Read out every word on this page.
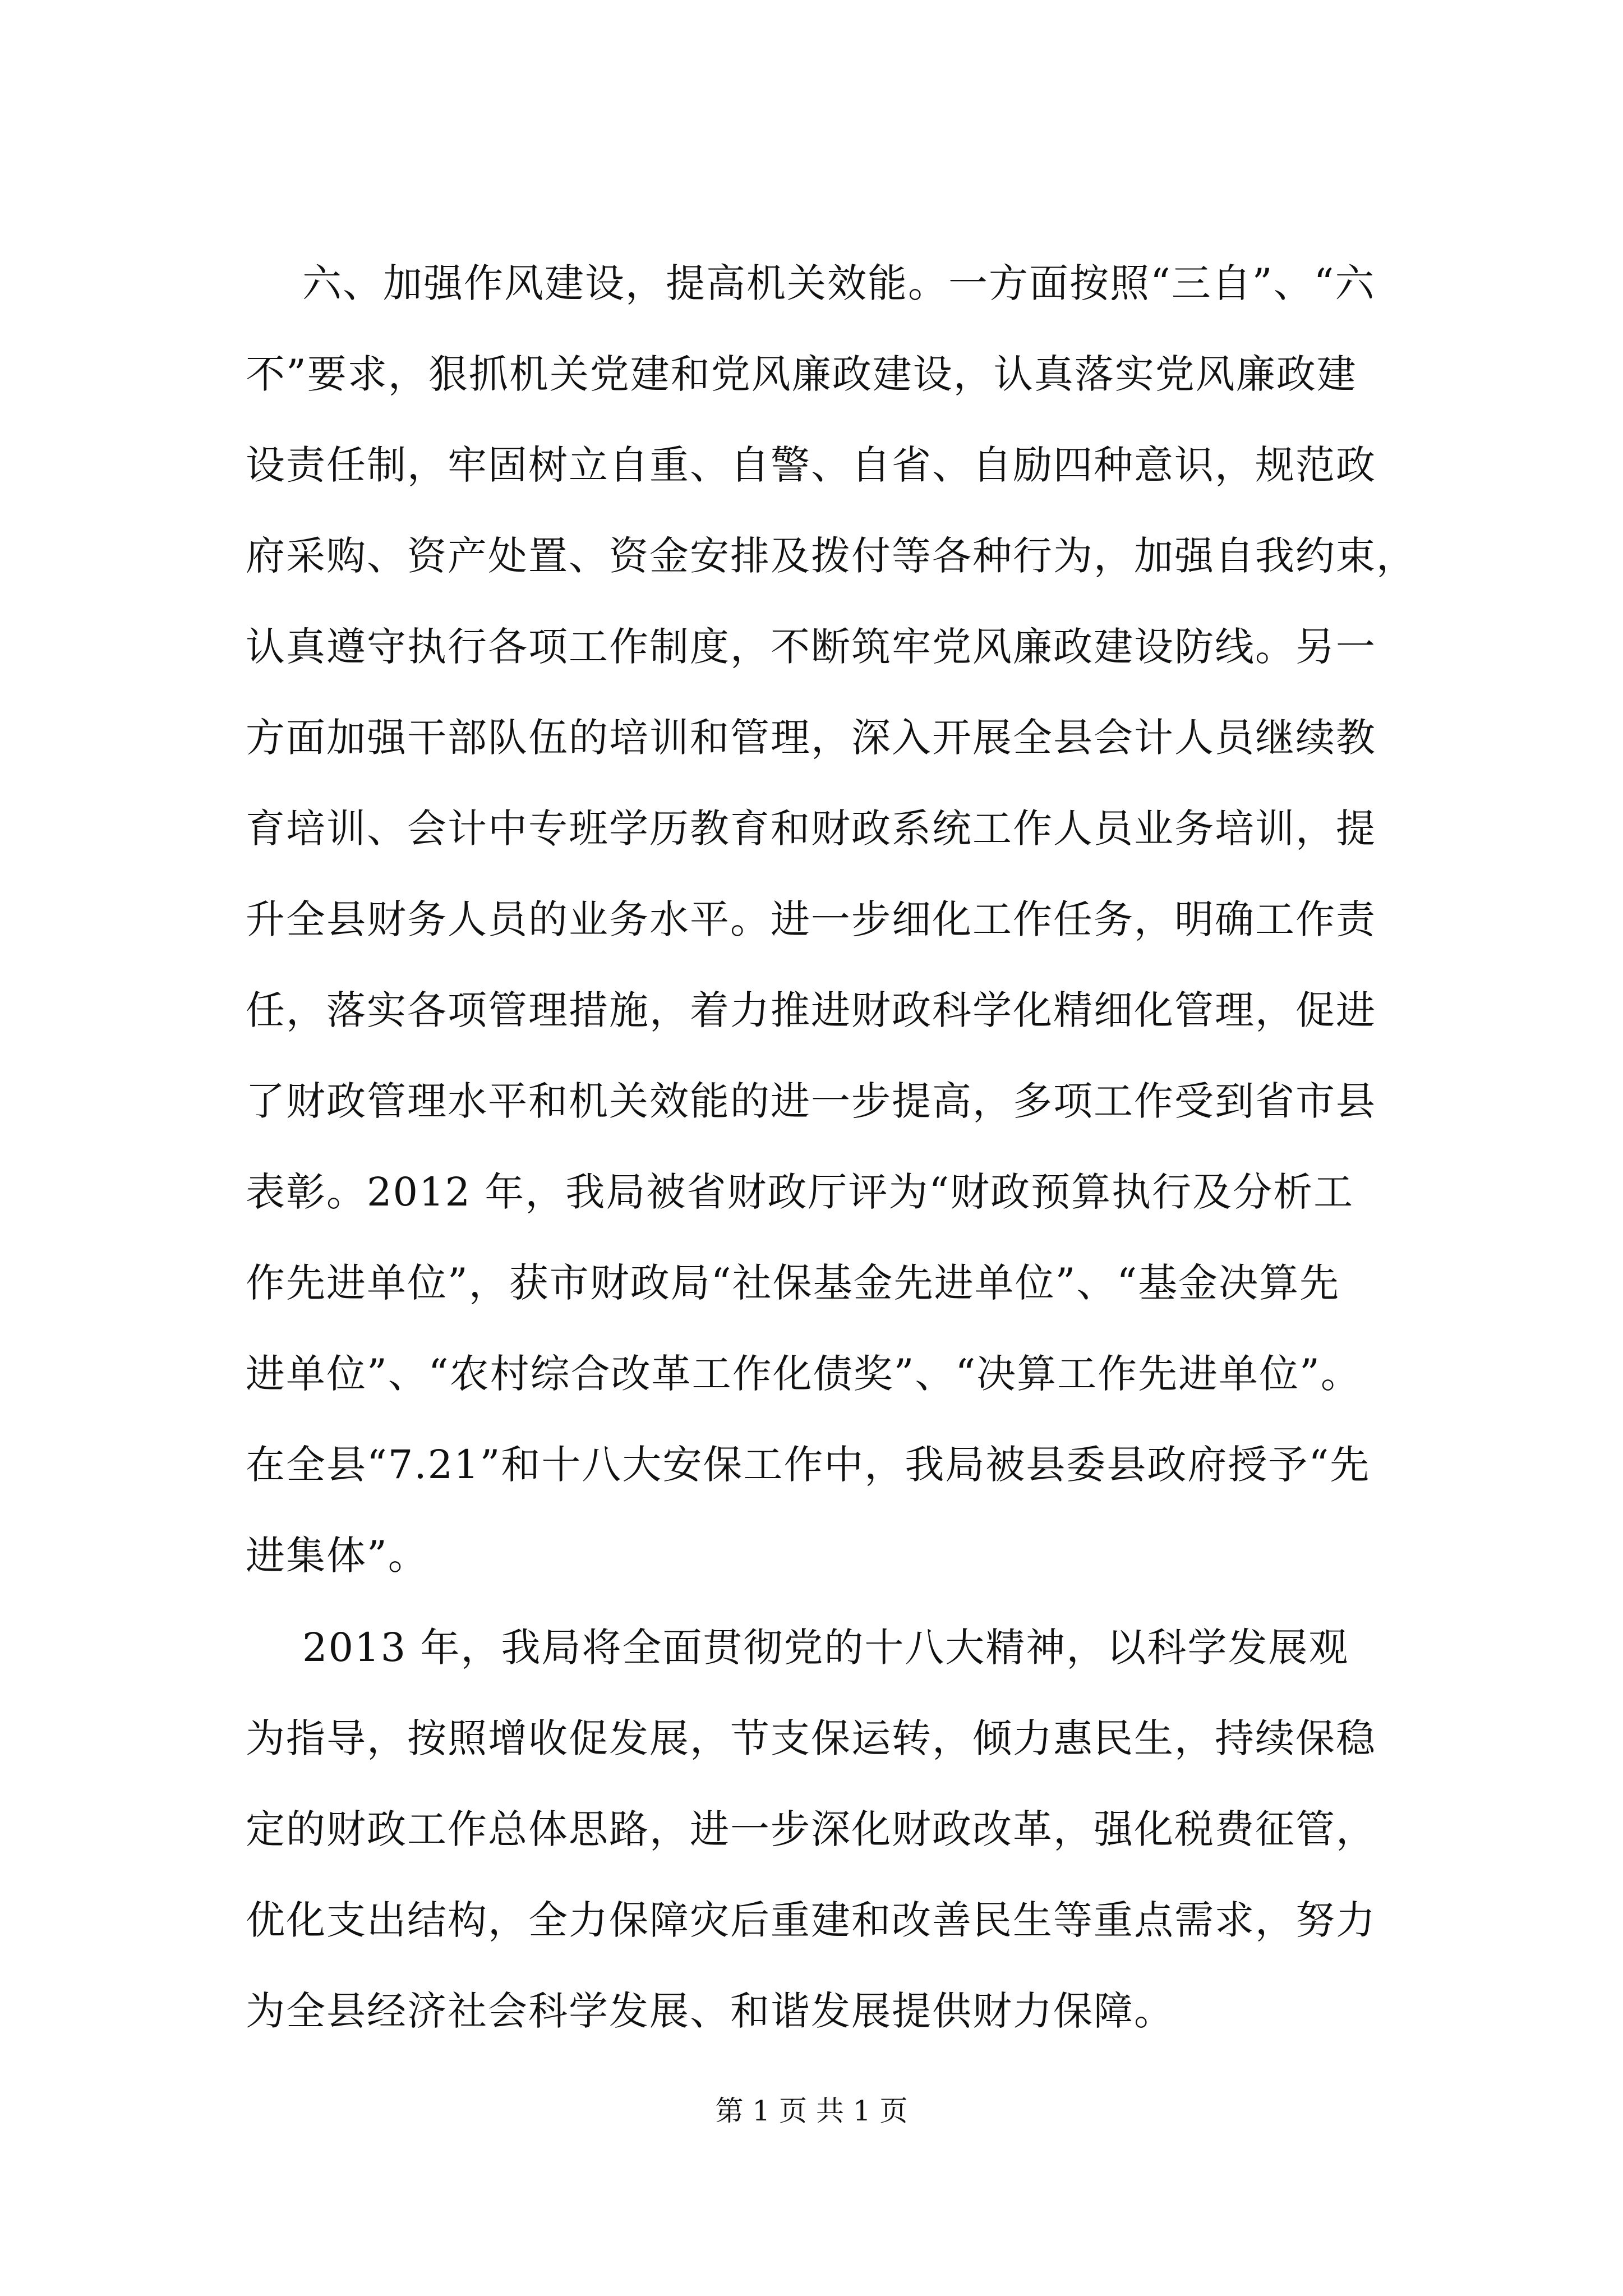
六、加强作风建设，提高机关效能。一方面按照“三自”、“六
不”要求，狠抓机关党建和党风廉政建设，认真落实党风廉政建
设责任制，牢固树立自重、自警、自省、自励四种意识，规范政
府采购、资产处置、资金安排及拨付等各种行为，加强自我约束，
认真遵守执行各项工作制度，不断筑牢党风廉政建设防线。另一
方面加强干部队伍的培训和管理，深入开展全县会计人员继续教
育培训、会计中专班学历教育和财政系统工作人员业务培训，提
升全县财务人员的业务水平。进一步细化工作任务，明确工作责
任，落实各项管理措施，着力推进财政科学化精细化管理，促进
了财政管理水平和机关效能的进一步提高，多项工作受到省市县
表彰。2012 年，我局被省财政厅评为“财政预算执行及分析工
作先进单位”，获市财政局“社保基金先进单位”、“基金决算先
进单位”、“农村综合改革工作化债奖”、“决算工作先进单位”。
在全县“7.21”和十八大安保工作中，我局被县委县政府授予“先
进集体”。
2013 年，我局将全面贯彻党的十八大精神，以科学发展观
为指导，按照增收促发展，节支保运转，倾力惠民生，持续保稳
定的财政工作总体思路，进一步深化财政改革，强化税费征管，
优化支出结构，全力保障灾后重建和改善民生等重点需求，努力
为全县经济社会科学发展、和谐发展提供财力保障。
第 1 页 共 1 页
